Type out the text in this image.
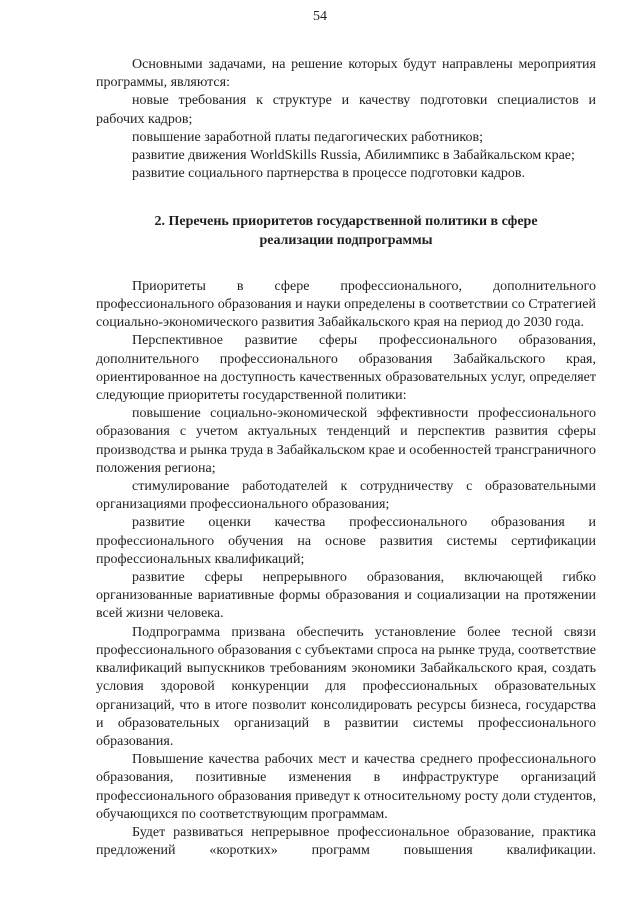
54

Основными задачами, на решение которых будут направлены мероприятия программы, являются:

новые требования к структуре и качеству подготовки специалистов и рабочих кадров;

повышение заработной платы педагогических работников;

развитие движения WorldSkills Russia, Абилимпикс в Забайкальском крае;

развитие социального партнерства в процессе подготовки кадров.

2. Перечень приоритетов государственной политики в сфере
реализации подпрограммы

Приоритеты в сфере профессионального, дополнительного профессионального образования и науки определены в соответствии со Стратегией социально-экономического развития Забайкальского края на период до 2030 года.

Перспективное развитие сферы профессионального образования, дополнительного профессионального образования Забайкальского края, ориентированное на доступность качественных образовательных услуг, определяет следующие приоритеты государственной политики:

повышение социально-экономической эффективности профессионального образования с учетом актуальных тенденций и перспектив развития сферы производства и рынка труда в Забайкальском крае и особенностей трансграничного положения региона;

стимулирование работодателей к сотрудничеству с образовательными организациями профессионального образования;

развитие оценки качества профессионального образования и профессионального обучения на основе развития системы сертификации профессиональных квалификаций;

развитие сферы непрерывного образования, включающей гибко организованные вариативные формы образования и социализации на протяжении всей жизни человека.

Подпрограмма призвана обеспечить установление более тесной связи профессионального образования с субъектами спроса на рынке труда, соответствие квалификаций выпускников требованиям экономики Забайкальского края, создать условия здоровой конкуренции для профессиональных образовательных организаций, что в итоге позволит консолидировать ресурсы бизнеса, государства и образовательных организаций в развитии системы профессионального образования.

Повышение качества рабочих мест и качества среднего профессионального образования, позитивные изменения в инфраструктуре организаций профессионального образования приведут к относительному росту доли студентов, обучающихся по соответствующим программам.

Будет развиваться непрерывное профессиональное образование, практика предложений «коротких» программ повышения квалификации.
